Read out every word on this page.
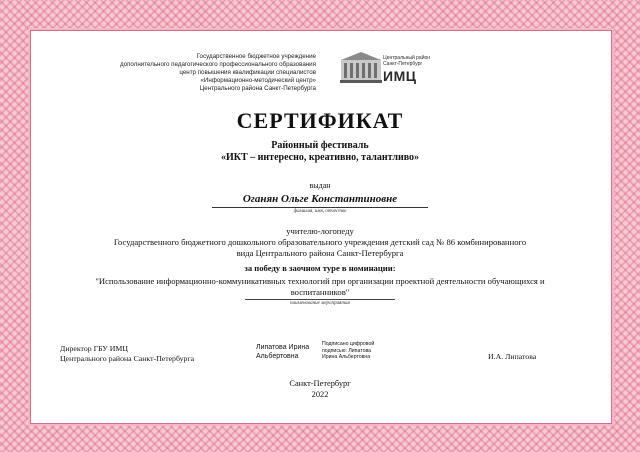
Государственное бюджетное учреждение
дополнительного педагогического профессионального образования
центр повышения квалификации специалистов
«Информационно-методический центр»
Центрального района Санкт-Петербурга
Центральный район Санкт-Петербург
ИМЦ
СЕРТИФИКАТ
Районный фестиваль
«ИКТ – интересно, креативно, талантливо»
выдан
Оганян Ольге Константиновне
фамилия, имя, отчество
учителю-логопеду
Государственного бюджетного дошкольного образовательного учреждения детский сад № 86 комбинированного
вида Центрального района Санкт-Петербурга
за победу в заочном туре в номинации:
"Использование информационно-коммуникативных технологий при организации проектной деятельности обучающихся и воспитанников"
наименование мероприятия
Директор ГБУ ИМЦ
Центрального района Санкт-Петербурга
Липатова Ирина
Альбертовна
Подписано цифровой
подписью: Липатова
Ирина Альбертовна	И.А. Липатова
Санкт-Петербург
2022
